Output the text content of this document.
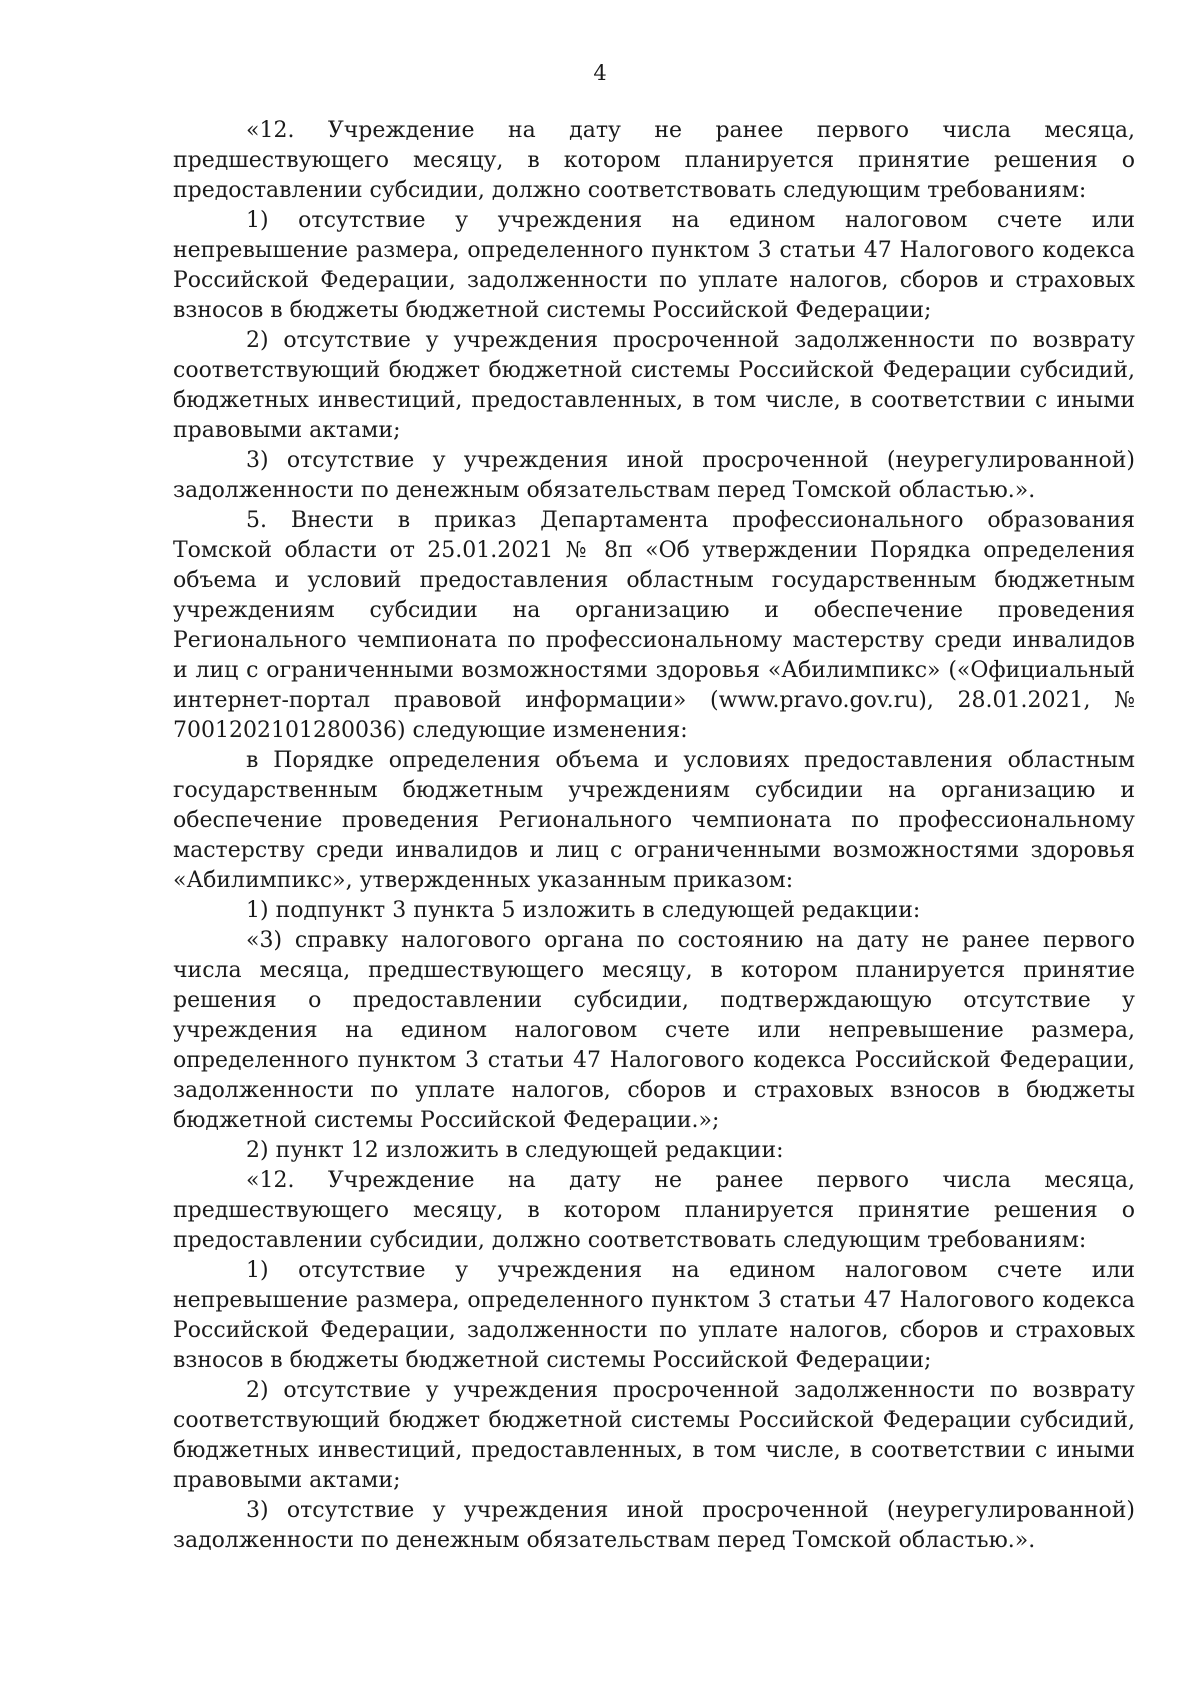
4

«12. Учреждение на дату не ранее первого числа месяца, предшествующего месяцу, в котором планируется принятие решения о предоставлении субсидии, должно соответствовать следующим требованиям:

1) отсутствие у учреждения на едином налоговом счете или непревышение размера, определенного пунктом 3 статьи 47 Налогового кодекса Российской Федерации, задолженности по уплате налогов, сборов и страховых взносов в бюджеты бюджетной системы Российской Федерации;

2) отсутствие у учреждения просроченной задолженности по возврату соответствующий бюджет бюджетной системы Российской Федерации субсидий, бюджетных инвестиций, предоставленных, в том числе, в соответствии с иными правовыми актами;

3) отсутствие у учреждения иной просроченной (неурегулированной) задолженности по денежным обязательствам перед Томской областью.».

5. Внести в приказ Департамента профессионального образования Томской области от 25.01.2021 № 8п «Об утверждении Порядка определения объема и условий предоставления областным государственным бюджетным учреждениям субсидии на организацию и обеспечение проведения Регионального чемпионата по профессиональному мастерству среди инвалидов и лиц с ограниченными возможностями здоровья «Абилимпикс» («Официальный интернет-портал правовой информации» (www.pravo.gov.ru), 28.01.2021, № 7001202101280036) следующие изменения:

в Порядке определения объема и условиях предоставления областным государственным бюджетным учреждениям субсидии на организацию и обеспечение проведения Регионального чемпионата по профессиональному мастерству среди инвалидов и лиц с ограниченными возможностями здоровья «Абилимпикс», утвержденных указанным приказом:

1) подпункт 3 пункта 5 изложить в следующей редакции:

«3) справку налогового органа по состоянию на дату не ранее первого числа месяца, предшествующего месяцу, в котором планируется принятие решения о предоставлении субсидии, подтверждающую отсутствие у учреждения на едином налоговом счете или непревышение размера, определенного пунктом 3 статьи 47 Налогового кодекса Российской Федерации, задолженности по уплате налогов, сборов и страховых взносов в бюджеты бюджетной системы Российской Федерации.»;

2) пункт 12 изложить в следующей редакции:

«12. Учреждение на дату не ранее первого числа месяца, предшествующего месяцу, в котором планируется принятие решения о предоставлении субсидии, должно соответствовать следующим требованиям:

1) отсутствие у учреждения на едином налоговом счете или непревышение размера, определенного пунктом 3 статьи 47 Налогового кодекса Российской Федерации, задолженности по уплате налогов, сборов и страховых взносов в бюджеты бюджетной системы Российской Федерации;

2) отсутствие у учреждения просроченной задолженности по возврату соответствующий бюджет бюджетной системы Российской Федерации субсидий, бюджетных инвестиций, предоставленных, в том числе, в соответствии с иными правовыми актами;

3) отсутствие у учреждения иной просроченной (неурегулированной) задолженности по денежным обязательствам перед Томской областью.».
